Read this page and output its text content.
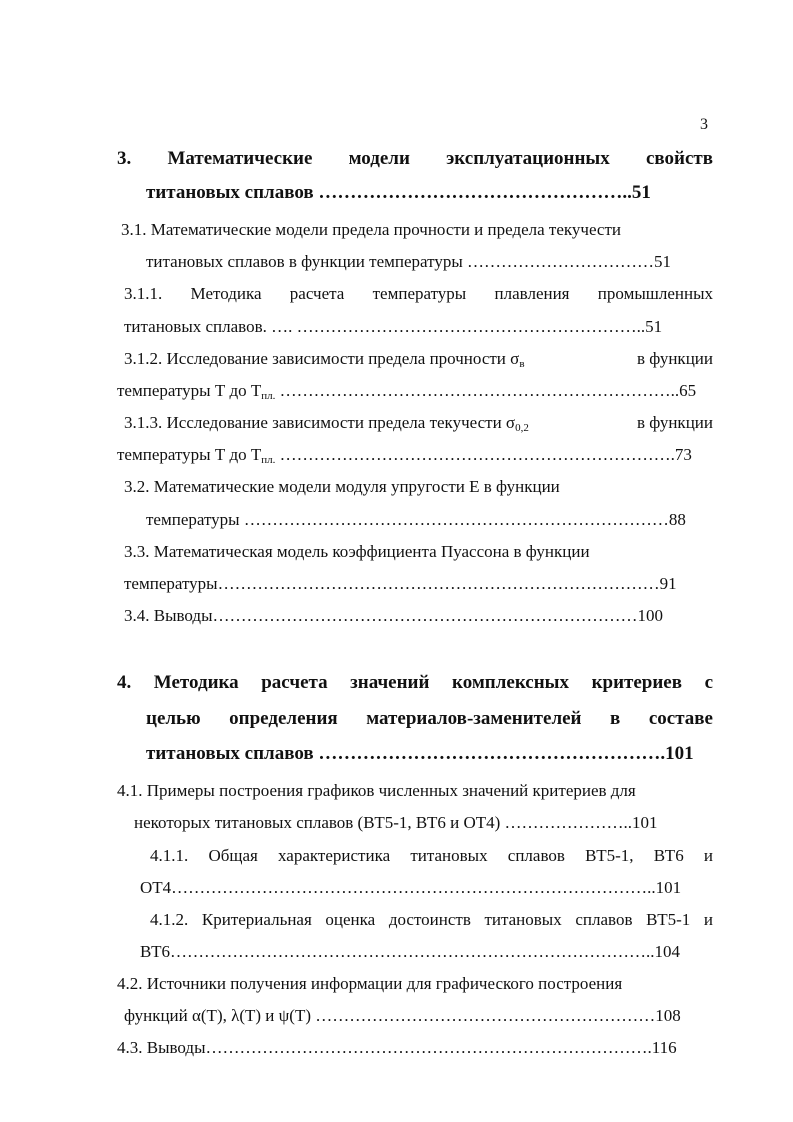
3
3. Математические модели эксплуатационных свойств
титановых сплавов …………………………………………..51
3.1. Математические модели предела прочности и предела текучести
титановых сплавов в функции температуры ……………………………51
3.1.1. Методика расчета температуры плавления промышленных
титановых сплавов. …. ……………………………………………………..51
3.1.2. Исследование зависимости предела прочности $\sigma_в$	в функции
температуры Т до $Т_{пл.}$ ……………………………………………………………..65
3.1.3. Исследование зависимости предела текучести $\sigma_{0,2}$	в функции
температуры Т до $Т_{пл.}$ …………………………………………………………….73
3.2. Математические модели модуля упругости Е в функции
температуры …………………………………………………………………88
3.3. Математическая модель коэффициента Пуассона в функции
температуры……………………………………………………………………91
3.4. Выводы…………………………………………………………………100
4. Методика расчета значений комплексных критериев с
целью определения материалов-заменителей в составе
титановых сплавов ……………………………………………….101
4.1. Примеры построения графиков численных значений критериев для
некоторых титановых сплавов (ВТ5-1, ВТ6 и ОТ4) …………………..101
4.1.1. Общая характеристика титановых сплавов ВТ5-1, ВТ6 и
ОТ4…………………………………………………………………………..101
4.1.2. Критериальная оценка достоинств титановых сплавов ВТ5-1 и
ВТ6…………………………………………………………………………..104
4.2. Источники получения информации для графического построения
функций α(T), λ(T) и ψ(T) ……………………………………………………108
4.3. Выводы…………………………………………………………………….116
